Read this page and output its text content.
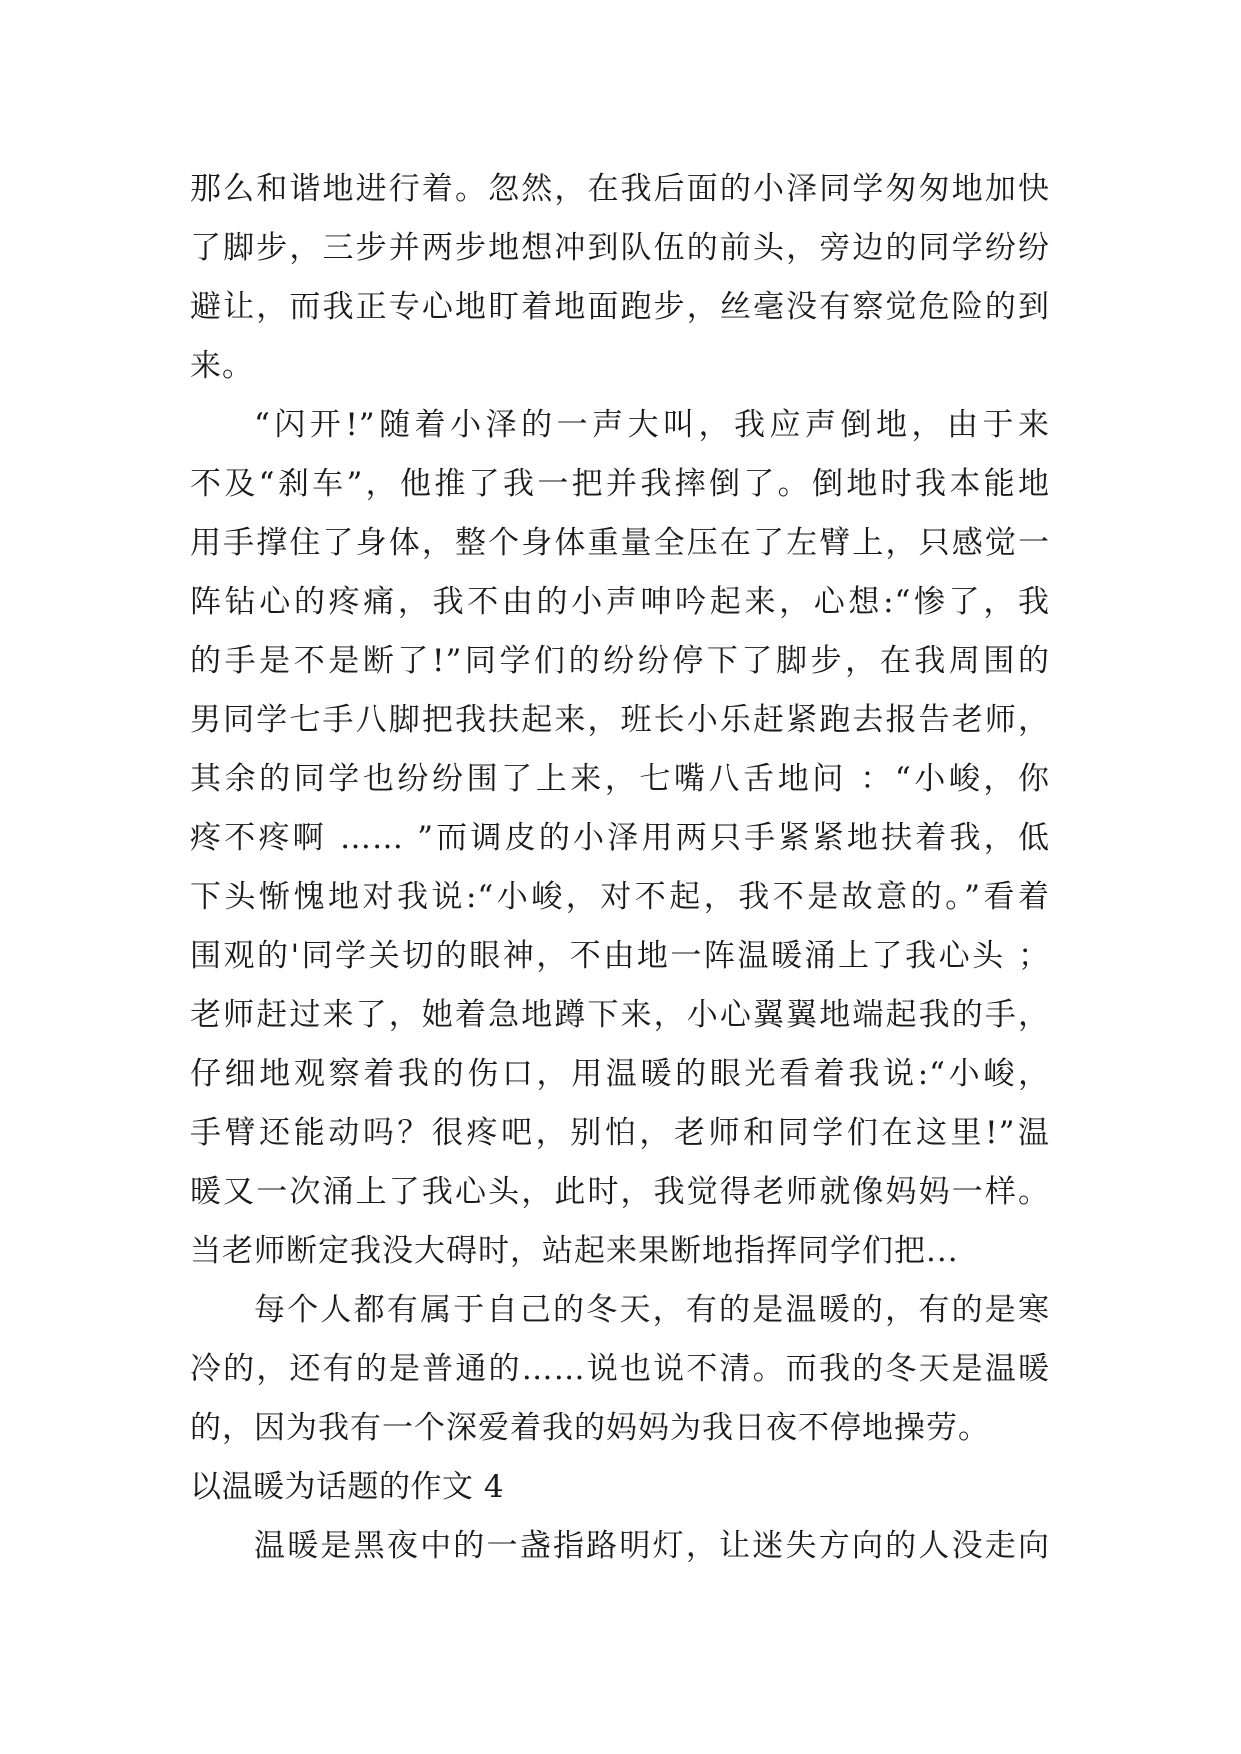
那么和谐地进行着。忽然，在我后面的小泽同学匆匆地加快
了脚步，三步并两步地想冲到队伍的前头，旁边的同学纷纷
避让，而我正专心地盯着地面跑步，丝毫没有察觉危险的到
来。
“闪开!”随着小泽的一声大叫，我应声倒地，由于来
不及“刹车”，他推了我一把并我摔倒了。倒地时我本能地
用手撑住了身体，整个身体重量全压在了左臂上，只感觉一
阵钻心的疼痛，我不由的小声呻吟起来，心想:“惨了，我
的手是不是断了!”同学们的纷纷停下了脚步，在我周围的
男同学七手八脚把我扶起来，班长小乐赶紧跑去报告老师，
其余的同学也纷纷围了上来，七嘴八舌地问 ：“小峻，你
疼不疼啊 …… ”而调皮的小泽用两只手紧紧地扶着我，低
下头惭愧地对我说:“小峻，对不起，我不是故意的。”看着
围观的'同学关切的眼神，不由地一阵温暖涌上了我心头 ；
老师赶过来了，她着急地蹲下来，小心翼翼地端起我的手，
仔细地观察着我的伤口，用温暖的眼光看着我说:“小峻，
手臂还能动吗？很疼吧，别怕，老师和同学们在这里!”温
暖又一次涌上了我心头，此时，我觉得老师就像妈妈一样。
当老师断定我没大碍时，站起来果断地指挥同学们把...
每个人都有属于自己的冬天，有的是温暖的，有的是寒
冷的，还有的是普通的……说也说不清。而我的冬天是温暖
的，因为我有一个深爱着我的妈妈为我日夜不停地操劳。
以温暖为话题的作文 4
温暖是黑夜中的一盏指路明灯，让迷失方向的人没走向
